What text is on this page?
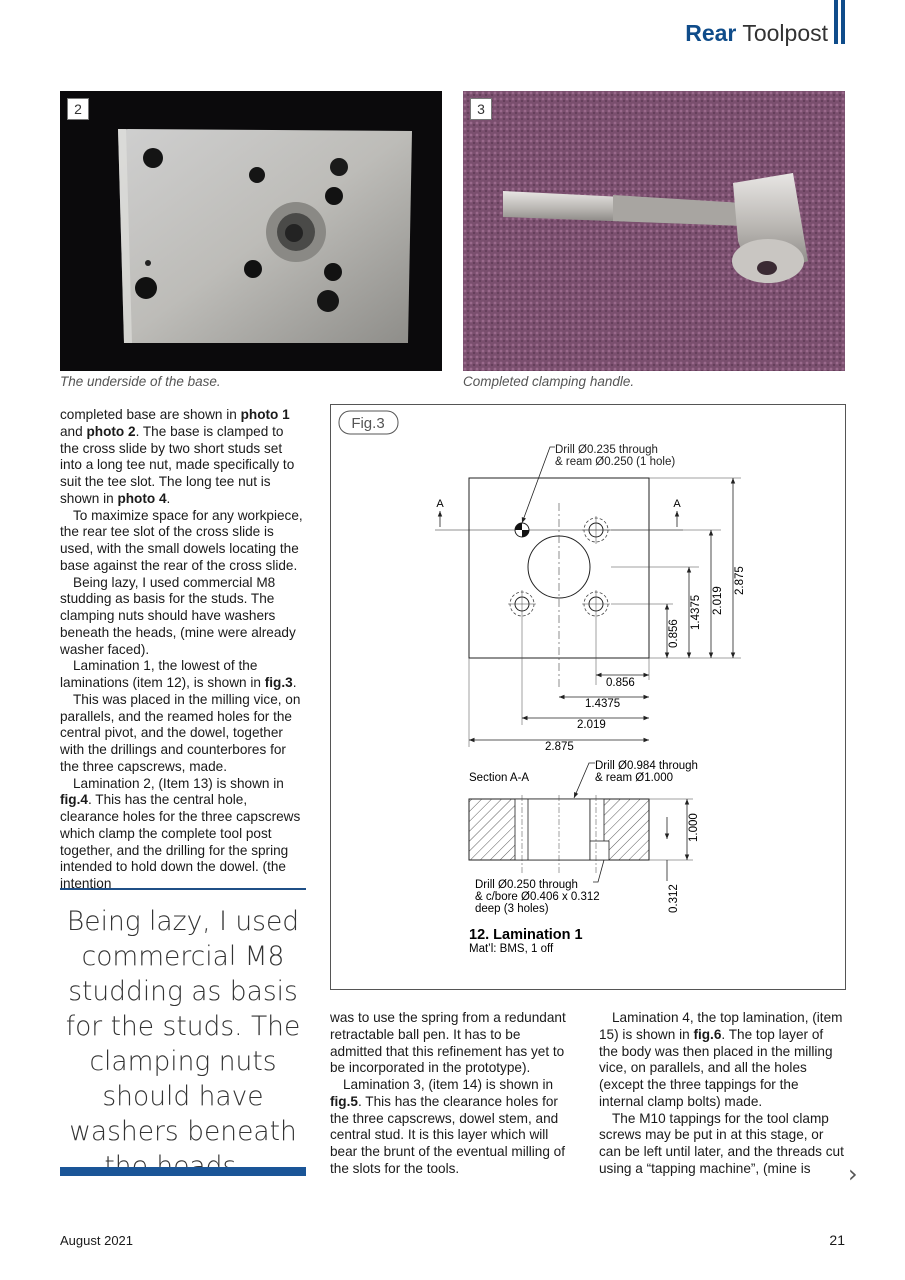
Rear Toolpost
2
The underside of the base.
3
Completed clamping handle.

completed base are shown in photo 1 and photo 2. The base is clamped to the cross slide by two short studs set into a long tee nut, made specifically to suit the tee slot. The long tee nut is shown in photo 4.

To maximize space for any workpiece, the rear tee slot of the cross slide is used, with the small dowels locating the base against the rear of the cross slide.

Being lazy, I used commercial M8 studding as basis for the studs. The clamping nuts should have washers beneath the heads, (mine were already washer faced).

Lamination 1, the lowest of the laminations (item 12), is shown in fig.3.

This was placed in the milling vice, on parallels, and the reamed holes for the central pivot, and the dowel, together with the drillings and counterbores for the three capscrews, made.

Lamination 2, (Item 13) is shown in fig.4. This has the central hole, clearance holes for the three capscrews which clamp the complete tool post together, and the drilling for the spring intended to hold down the dowel. (the intention

Being lazy, I used commercial M8 studding as basis for the studs. The clamping nuts should have washers beneath
Fig.3
Drill Ø0.235 through
& ream Ø0.250 (1 hole)
A	A
0.856
1.4375 2.019
2.875
0.856
1.4375
2.019
2.875
Section A-A
Drill Ø0.984 through
& ream Ø1.000
1.000
0.312
Drill Ø0.250 through
& c/bore Ø0.406 x 0.312
deep (3 holes)
12. Lamination 1
Mat’l: BMS, 1 off

was to use the spring from a redundant retractable ball pen. It has to be admitted that this refinement has yet to be incorporated in the prototype).

Lamination 3, (item 14) is shown in fig.5. This has the clearance holes for the three capscrews, dowel stem, and central stud. It is this layer which will bear the brunt of the eventual milling of the slots for the tools.

Lamination 4, the top lamination, (item 15) is shown in fig.6. The top layer of the body was then placed in the milling vice, on parallels, and all the holes (except the three tappings for the internal clamp bolts) made.

The M10 tappings for the tool clamp screws may be put in at this stage, or can be left until later, and the threads cut using a “tapping machine”, (mine is	›
August 2021	21
